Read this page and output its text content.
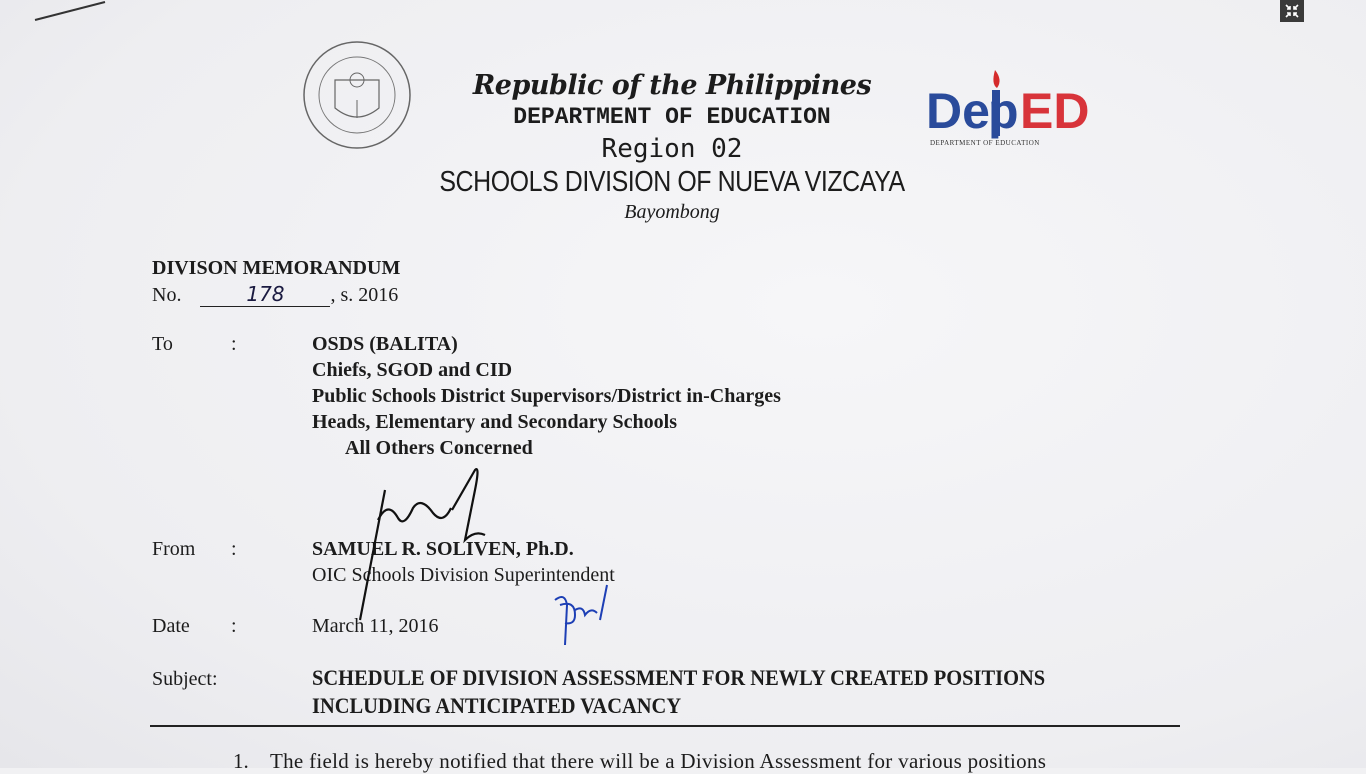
Republic of the Philippines
DEPARTMENT OF EDUCATION
Region 02
SCHOOLS DIVISION OF NUEVA VIZCAYA
Bayombong
De
p ED
DEPARTMENT OF EDUCATION
DIVISON MEMORANDUM
No.	178 , s. 2016
To	:	OSDS (BALITA)
Chiefs, SGOD and CID
Public Schools District Supervisors/District in-Charges
Heads, Elementary and Secondary Schools
All Others Concerned
From :	SAMUEL R. SOLIVEN, Ph.D.
OIC Schools Division Superintendent
Date :	March 11, 2016
Subject:	SCHEDULE OF DIVISION ASSESSMENT FOR NEWLY CREATED POSITIONS
INCLUDING ANTICIPATED VACANCY
1. The field is hereby notified that there will be a Division Assessment for various positions
